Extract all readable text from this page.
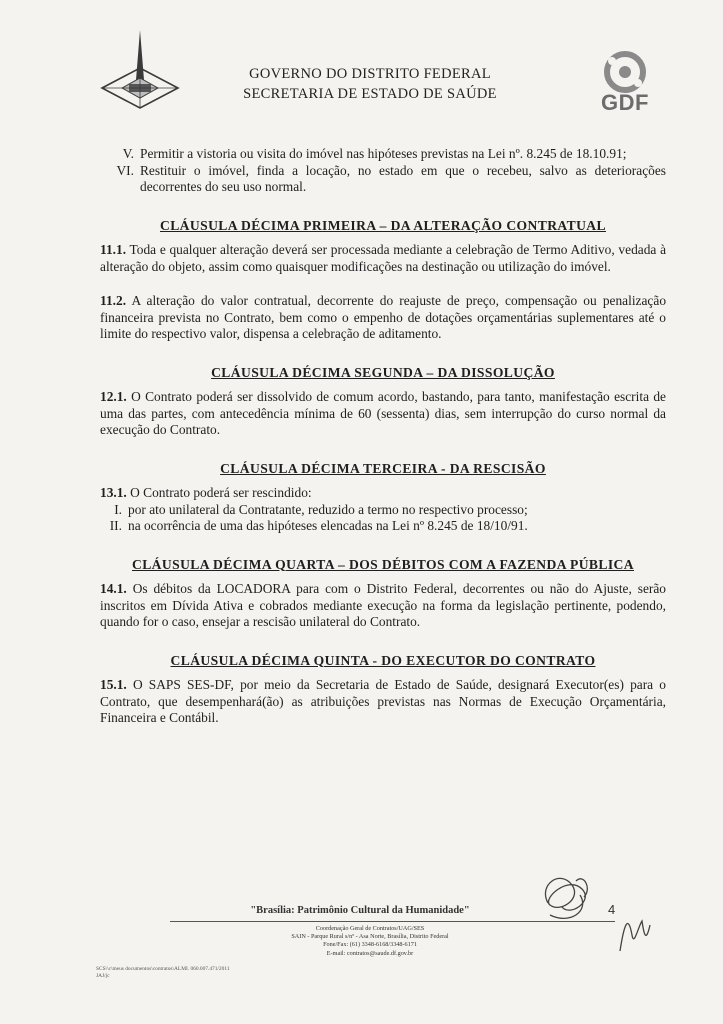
GOVERNO DO DISTRITO FEDERAL
SECRETARIA DE ESTADO DE SAÚDE	GDF
V. Permitir a vistoria ou visita do imóvel nas hipóteses previstas na Lei nº. 8.245 de 18.10.91;
VI. Restituir o imóvel, finda a locação, no estado em que o recebeu, salvo as deteriorações decorrentes do seu uso normal.

CLÁUSULA DÉCIMA PRIMEIRA – DA ALTERAÇÃO CONTRATUAL

11.1. Toda e qualquer alteração deverá ser processada mediante a celebração de Termo Aditivo, vedada à alteração do objeto, assim como quaisquer modificações na destinação ou utilização do imóvel.

11.2. A alteração do valor contratual, decorrente do reajuste de preço, compensação ou penalização financeira prevista no Contrato, bem como o empenho de dotações orçamentárias suplementares até o limite do respectivo valor, dispensa a celebração de aditamento.

CLÁUSULA DÉCIMA SEGUNDA – DA DISSOLUÇÃO

12.1. O Contrato poderá ser dissolvido de comum acordo, bastando, para tanto, manifestação escrita de uma das partes, com antecedência mínima de 60 (sessenta) dias, sem interrupção do curso normal da execução do Contrato.

CLÁUSULA DÉCIMA TERCEIRA - DA RESCISÃO

13.1. O Contrato poderá ser rescindido:

I. por ato unilateral da Contratante, reduzido a termo no respectivo processo;
II. na ocorrência de uma das hipóteses elencadas na Lei nº 8.245 de 18/10/91.

CLÁUSULA DÉCIMA QUARTA – DOS DÉBITOS COM A FAZENDA PÚBLICA

14.1. Os débitos da LOCADORA para com o Distrito Federal, decorrentes ou não do Ajuste, serão inscritos em Dívida Ativa e cobrados mediante execução na forma da legislação pertinente, podendo, quando for o caso, ensejar a rescisão unilateral do Contrato.

CLÁUSULA DÉCIMA QUINTA - DO EXECUTOR DO CONTRATO

15.1. O SAPS SES-DF, por meio da Secretaria de Estado de Saúde, designará Executor(es) para o Contrato, que desempenhará(ão) as atribuições previstas nas Normas de Execução Orçamentária, Financeira e Contábil.

"Brasília: Patrimônio Cultural da Humanidade"	4
Coordenação Geral de Contratos/UAG/SES
SAIN - Parque Rural s/nº - Asa Norte, Brasília, Distrito Federal
Fone/Fax: (61) 3348-6168/3348-6171
E-mail: contratos@saude.df.gov.br
SCS\\c\meus documentos\contratos\ALMI. 060.007.471/2011
JAJ/jc
